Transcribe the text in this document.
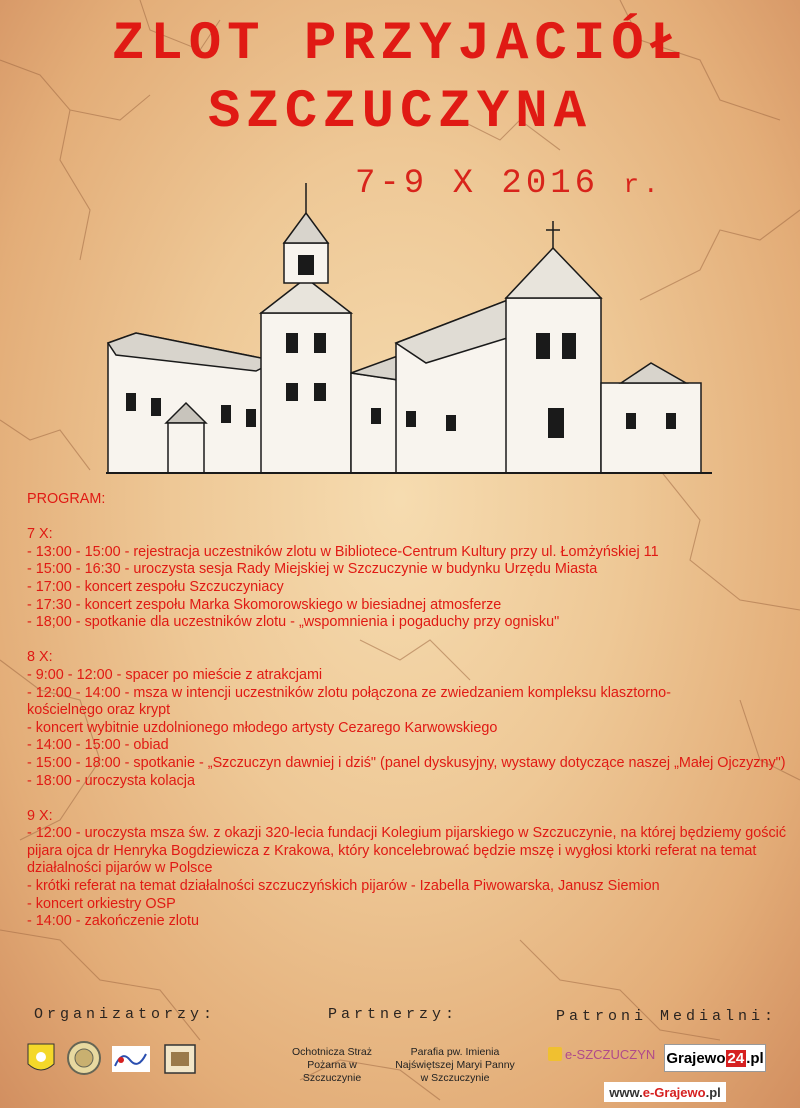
ZLOT PRZYJACIÓŁ
SZCZUCZYNA
7-9 X 2016 r.
PROGRAM:
7 X:
- 13:00 - 15:00 - rejestracja uczestników zlotu w Bibliotece-Centrum Kultury przy ul. Łomżyńskiej 11
- 15:00 - 16:30 - uroczysta sesja Rady Miejskiej w Szczuczynie w budynku Urzędu Miasta
- 17:00 - koncert zespołu Szczuczyniacy
- 17:30 - koncert zespołu Marka Skomorowskiego w biesiadnej atmosferze
- 18;00 - spotkanie dla uczestników zlotu - „wspomnienia i pogaduchy przy ognisku"
8 X:
- 9:00 - 12:00 - spacer po mieście z atrakcjami
- 12:00 - 14:00 - msza w intencji uczestników zlotu połączona ze zwiedzaniem kompleksu klasztorno-kościelnego oraz krypt
- koncert wybitnie uzdolnionego młodego artysty Cezarego Karwowskiego
- 14:00 - 15:00 - obiad
- 15:00 - 18:00 - spotkanie - „Szczuczyn dawniej i dziś" (panel dyskusyjny, wystawy dotyczące naszej „Małej Ojczyzny")
- 18:00 - uroczysta kolacja
9 X:
- 12:00 - uroczysta msza św. z okazji 320-lecia fundacji Kolegium pijarskiego w Szczuczynie, na której będziemy gościć pijara ojca dr Henryka Bogdziewicza z Krakowa, który koncelebrować będzie mszę i wygłosi ktorki referat na temat działalności pijarów w Polsce
- krótki referat na temat działalności szczuczyńskich pijarów - Izabella Piwowarska, Janusz Siemion
- koncert orkiestry OSP
- 14:00 - zakończenie zlotu
Organizatorzy:	Partnerzy:	Patroni Medialni:
Ochotnicza Straż Pożarna w Szczuczynie
Parafia pw. Imienia Najświętszej Maryi Panny w Szczuczynie
e-SZCZUCZYN Grajewo 24 .pl
www. e-Grajewo .pl
